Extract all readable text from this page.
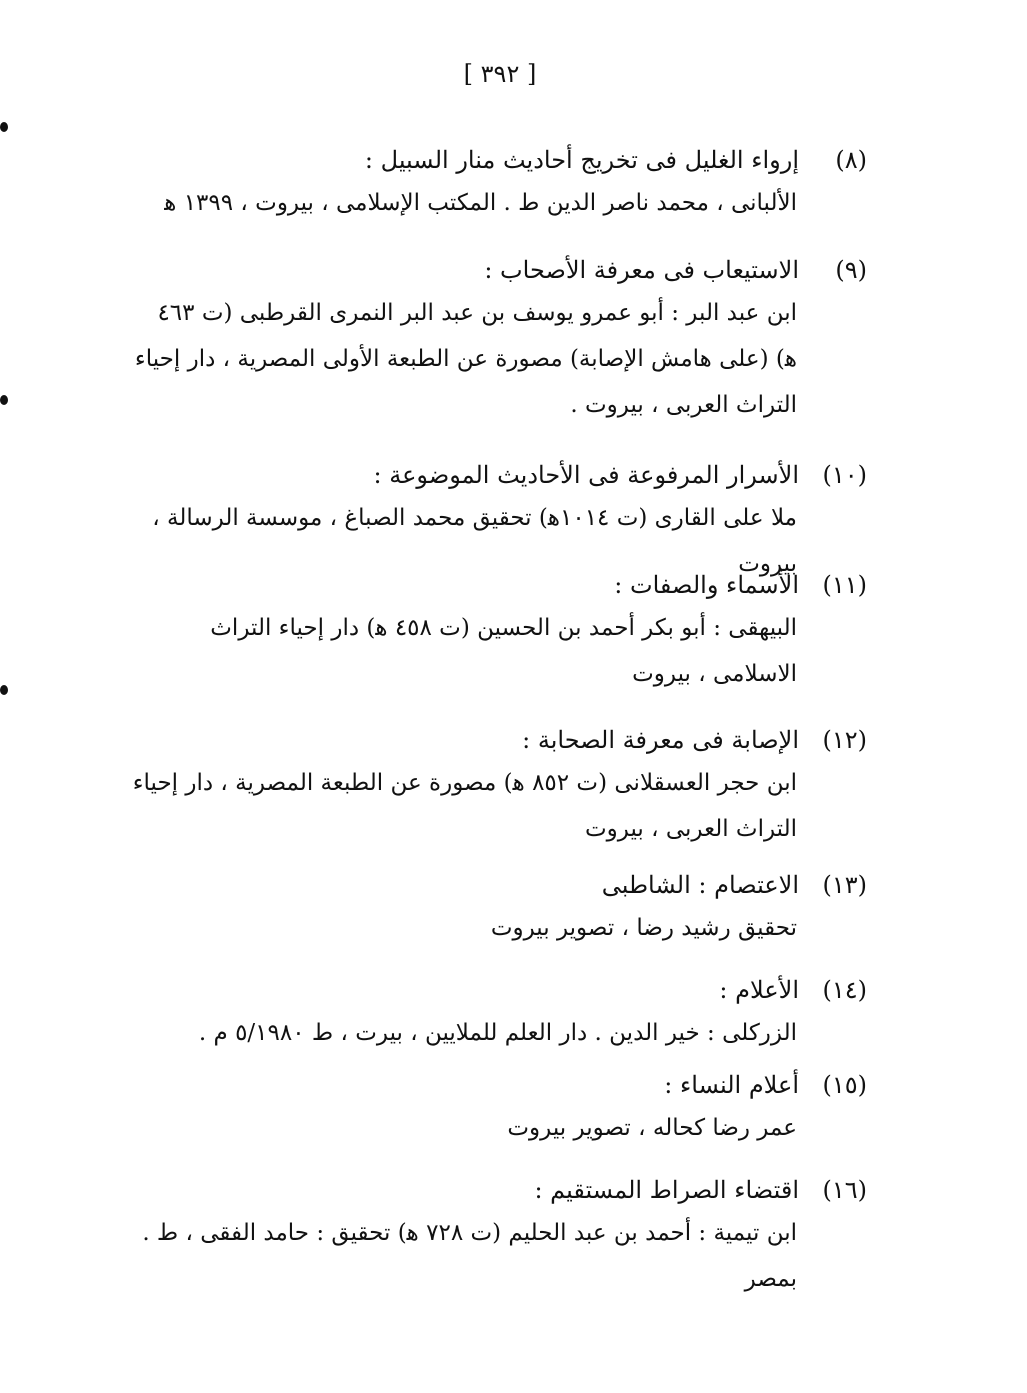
[ ٣٩٢ ]
(٨)إرواء الغليل فى تخريج أحاديث منار السبيل :
الألبانى ، محمد ناصر الدين ط . المكتب الإسلامى ، بيروت ، ١٣٩٩ ﻫ
(٩)الاستيعاب فى معرفة الأصحاب :
ابن عبد البر : أبو عمرو يوسف بن عبد البر النمرى القرطبى (ت ٤٦٣ ﻫ) (على هامش الإصابة) مصورة عن الطبعة الأولى المصرية ، دار إحياء التراث العربى ، بيروت .
(١٠)الأسرار المرفوعة فى الأحاديث الموضوعة :
ملا على القارى (ت ١٠١٤ﻫ) تحقيق محمد الصباغ ، موسسة الرسالة ، بيروت
(١١)الأسماء والصفات :
البيهقى : أبو بكر أحمد بن الحسين (ت ٤٥٨ ﻫ) دار إحياء التراث الاسلامى ، بيروت
(١٢)الإصابة فى معرفة الصحابة :
ابن حجر العسقلانى (ت ٨٥٢ ﻫ) مصورة عن الطبعة المصرية ، دار إحياء التراث العربى ، بيروت
(١٣)الاعتصام : الشاطبى
تحقيق رشيد رضا ، تصوير بيروت
(١٤)الأعلام :
الزركلى : خير الدين . دار العلم للملايين ، بيرت ، ط ٥/١٩٨٠ م .
(١٥)أعلام النساء :
عمر رضا كحاله ، تصوير بيروت
(١٦)اقتضاء الصراط المستقيم :
ابن تيمية : أحمد بن عبد الحليم (ت ٧٢٨ ﻫ) تحقيق : حامد الفقى ، ط . بمصر
